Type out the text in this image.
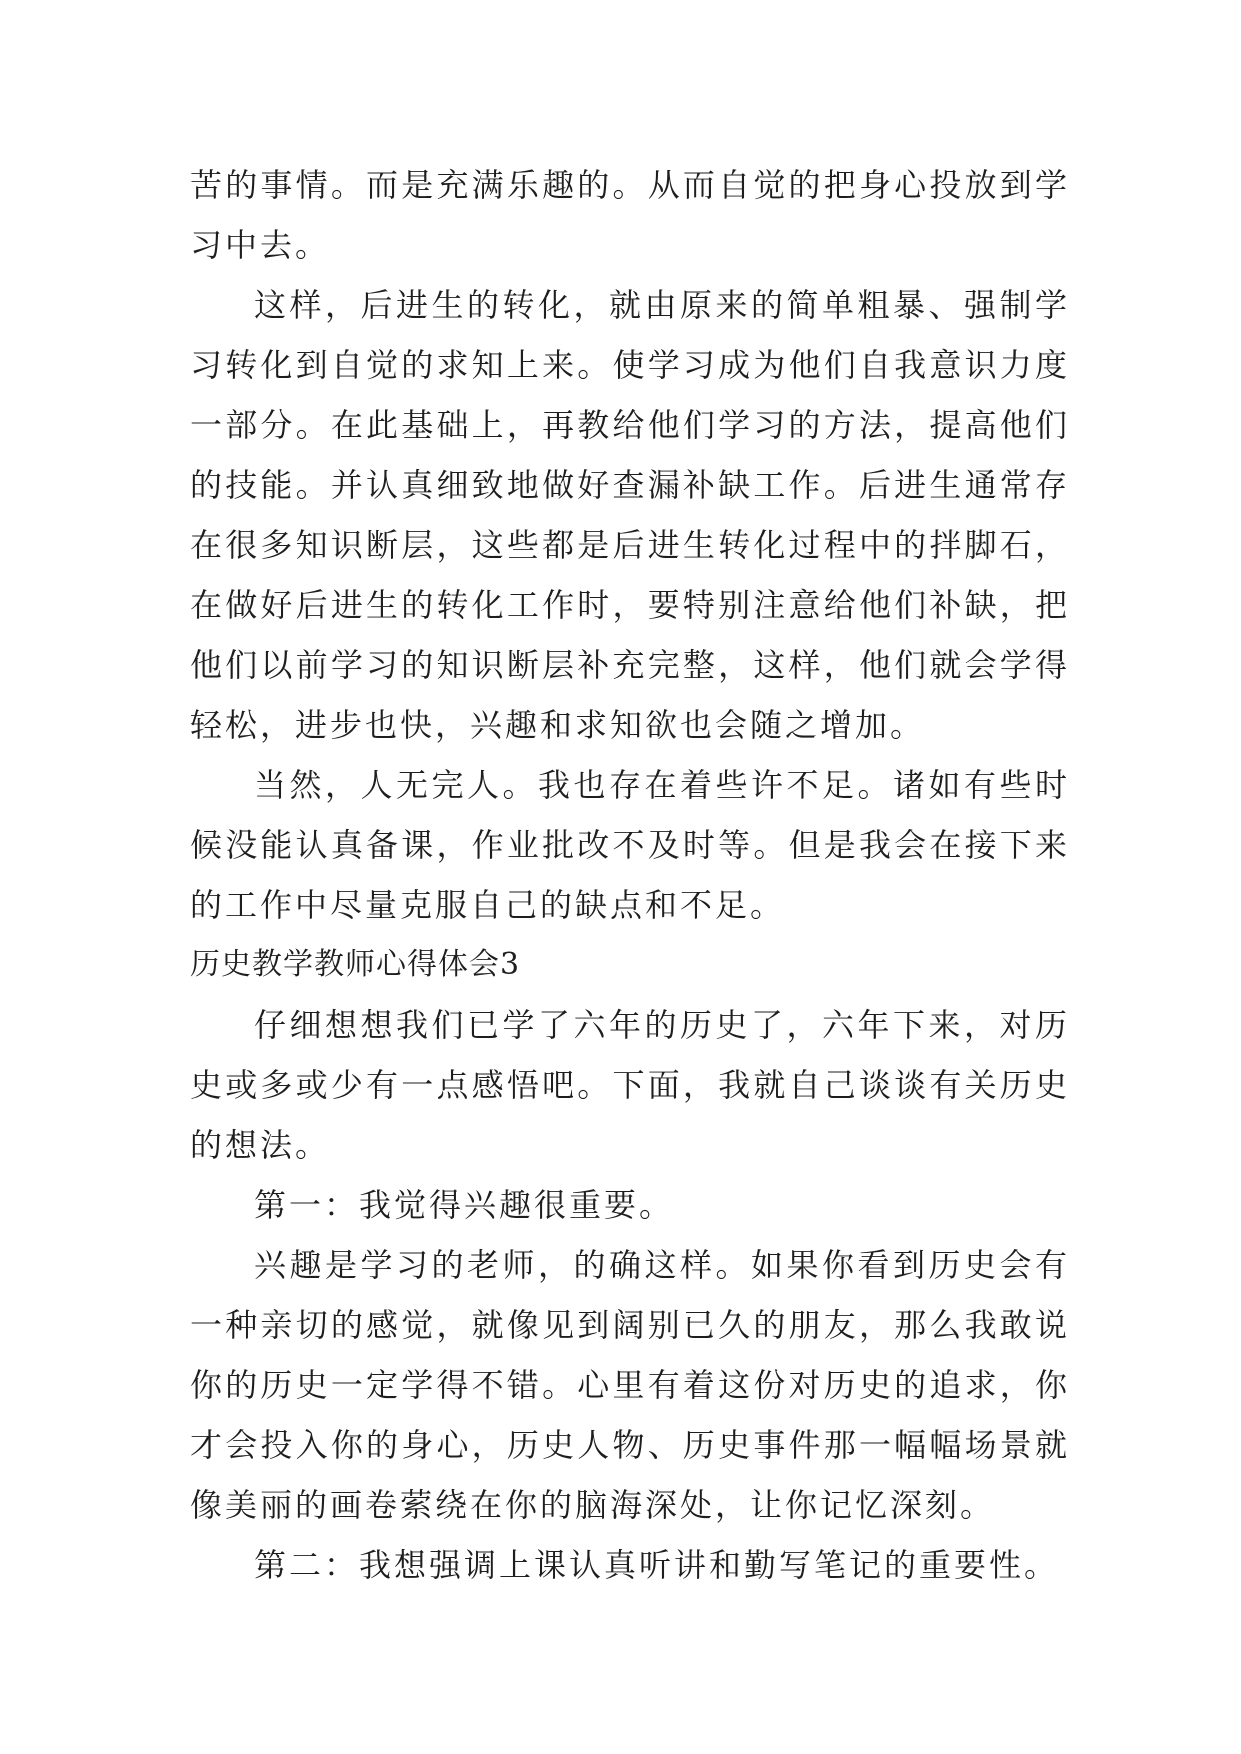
苦的事情。而是充满乐趣的。从而自觉的把身心投放到学习中去。

这样，后进生的转化，就由原来的简单粗暴、强制学习转化到自觉的求知上来。使学习成为他们自我意识力度一部分。在此基础上，再教给他们学习的方法，提高他们的技能。并认真细致地做好查漏补缺工作。后进生通常存在很多知识断层，这些都是后进生转化过程中的拌脚石，在做好后进生的转化工作时，要特别注意给他们补缺，把他们以前学习的知识断层补充完整，这样，他们就会学得轻松，进步也快，兴趣和求知欲也会随之增加。

当然，人无完人。我也存在着些许不足。诸如有些时候没能认真备课，作业批改不及时等。但是我会在接下来的工作中尽量克服自己的缺点和不足。

历史教学教师心得体会3

仔细想想我们已学了六年的历史了，六年下来，对历史或多或少有一点感悟吧。下面，我就自己谈谈有关历史的想法。

第一：我觉得兴趣很重要。

兴趣是学习的老师，的确这样。如果你看到历史会有一种亲切的感觉，就像见到阔别已久的朋友，那么我敢说你的历史一定学得不错。心里有着这份对历史的追求，你才会投入你的身心，历史人物、历史事件那一幅幅场景就像美丽的画卷萦绕在你的脑海深处，让你记忆深刻。

第二：我想强调上课认真听讲和勤写笔记的重要性。
